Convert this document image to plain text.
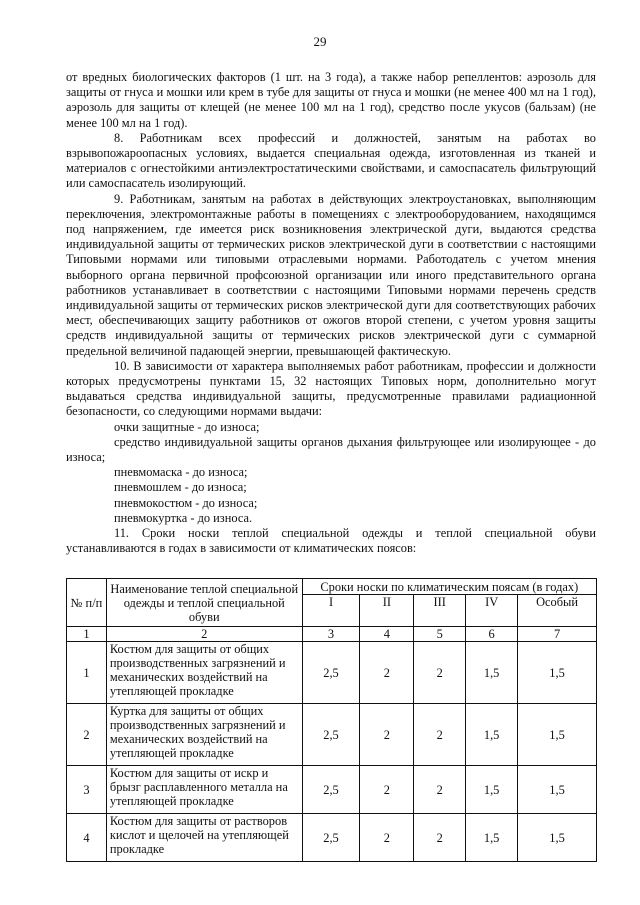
29

от вредных биологических факторов (1 шт. на 3 года), а также набор репеллентов: аэрозоль для защиты от гнуса и мошки или крем в тубе для защиты от гнуса и мошки (не менее 400 мл на 1 год), аэрозоль для защиты от клещей (не менее 100 мл на 1 год), средство после укусов (бальзам) (не менее 100 мл на 1 год).

8. Работникам всех профессий и должностей, занятым на работах во взрывопожароопасных условиях, выдается специальная одежда, изготовленная из тканей и материалов с огнестойкими антиэлектростатическими свойствами, и самоспасатель фильтрующий или самоспасатель изолирующий.

9. Работникам, занятым на работах в действующих электроустановках, выполняющим переключения, электромонтажные работы в помещениях с электрооборудованием, находящимся под напряжением, где имеется риск возникновения электрической дуги, выдаются средства индивидуальной защиты от термических рисков электрической дуги в соответствии с настоящими Типовыми нормами или типовыми отраслевыми нормами. Работодатель с учетом мнения выборного органа первичной профсоюзной организации или иного представительного органа работников устанавливает в соответствии с настоящими Типовыми нормами перечень средств индивидуальной защиты от термических рисков электрической дуги для соответствующих рабочих мест, обеспечивающих защиту работников от ожогов второй степени, с учетом уровня защиты средств индивидуальной защиты от термических рисков электрической дуги с суммарной предельной величиной падающей энергии, превышающей фактическую.

10. В зависимости от характера выполняемых работ работникам, профессии и должности которых предусмотрены пунктами 15, 32 настоящих Типовых норм, дополнительно могут выдаваться средства индивидуальной защиты, предусмотренные правилами радиационной безопасности, со следующими нормами выдачи:

очки защитные - до износа;

средство индивидуальной защиты органов дыхания фильтрующее или изолирующее - до износа;

пневмомаска - до износа;

пневмошлем - до износа;

пневмокостюм - до износа;

пневмокуртка - до износа.

11. Сроки носки теплой специальной одежды и теплой специальной обуви устанавливаются в годах в зависимости от климатических поясов:

№ п/п	Наименование теплой специальной одежды и теплой специальной обуви	Сроки носки по климатическим поясам (в годах)				
		I	II	III	IV	Особый
1	2	3	4	5	6	7
1	Костюм для защиты от общих производственных загрязнений и механических воздействий на утепляющей прокладке	2,5	2	2	1,5	1,5
2	Куртка для защиты от общих производственных загрязнений и механических воздействий на утепляющей прокладке	2,5	2	2	1,5	1,5
3	Костюм для защиты от искр и брызг расплавленного металла на утепляющей прокладке	2,5	2	2	1,5	1,5
4	Костюм для защиты от растворов кислот и щелочей на утепляющей прокладке	2,5	2	2	1,5	1,5
